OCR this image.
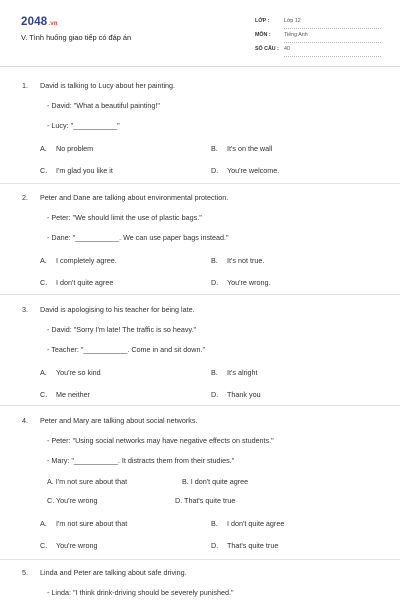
2048.vn
V. Tình huống giao tiếp có đáp án
LỚP :	Lớp 12
MÔN :	Tiếng Anh
SỐ CÂU : 40
1. David is talking to Lucy about her painting.
- David: "What a beautiful painting!"
- Lucy: "___________"
A. No problem	B. It's on the wall
C. I'm glad you like it	D. You're welcome.
2. Peter and Dane are talking about environmental protection.
- Peter: "We should limit the use of plastic bags."
- Dane: "___________. We can use paper bags instead."
A. I completely agree.	B. It's not true.
C. I don't quite agree	D. You're wrong.
3. David is apologising to his teacher for being late.
- David: "Sorry I'm late! The traffic is so heavy."
- Teacher: "___________. Come in and sit down."
A. You're so kind	B. It's alright
C. Me neither	D. Thank you
4. Peter and Mary are talking about social networks.
- Peter: "Using social networks may have negative effects on students."
- Mary: "___________. It distracts them from their studies."
A. I'm not sure about that	B. I don't quite agree
C. You're wrong	D. That's quite true
A. I'm not sure about that	B. I don't quite agree
C. You're wrong	D. That's quite true
5. Linda and Peter are talking about safe driving.
- Linda: "I think drink-driving should be severely punished."
